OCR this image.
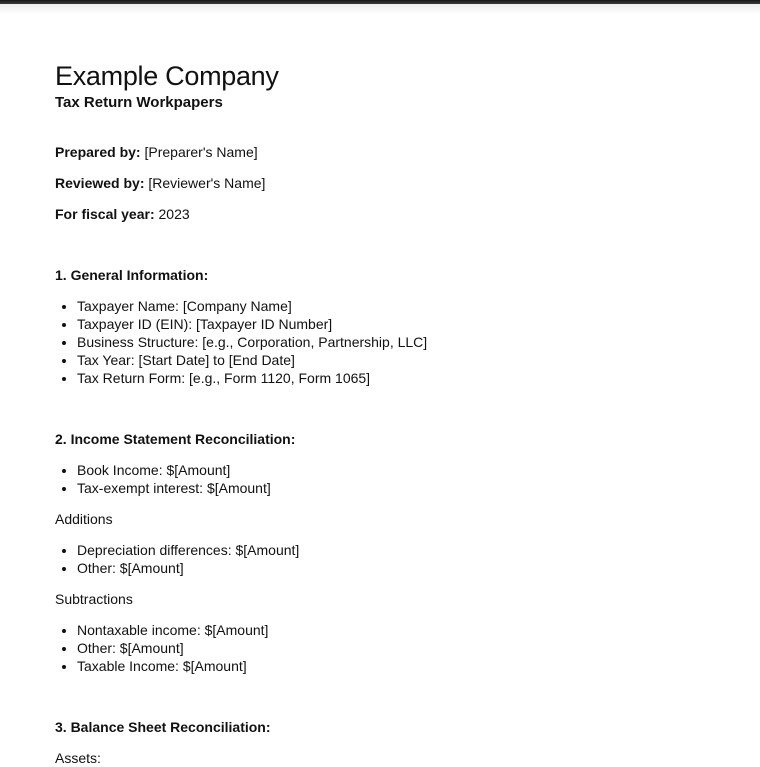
Example Company

Tax Return Workpapers

Prepared by: [Preparer's Name]

Reviewed by: [Reviewer's Name]

For fiscal year: 2023

1. General Information:
• Taxpayer Name: [Company Name]
• Taxpayer ID (EIN): [Taxpayer ID Number]
• Business Structure: [e.g., Corporation, Partnership, LLC]
• Tax Year: [Start Date] to [End Date]
• Tax Return Form: [e.g., Form 1120, Form 1065]
2. Income Statement Reconciliation:
• Book Income: $[Amount]
• Tax-exempt interest: $[Amount]

Additions

• Depreciation differences: $[Amount]
• Other: $[Amount]

Subtractions

• Nontaxable income: $[Amount]
• Other: $[Amount]
• Taxable Income: $[Amount]
3. Balance Sheet Reconciliation:

Assets:
